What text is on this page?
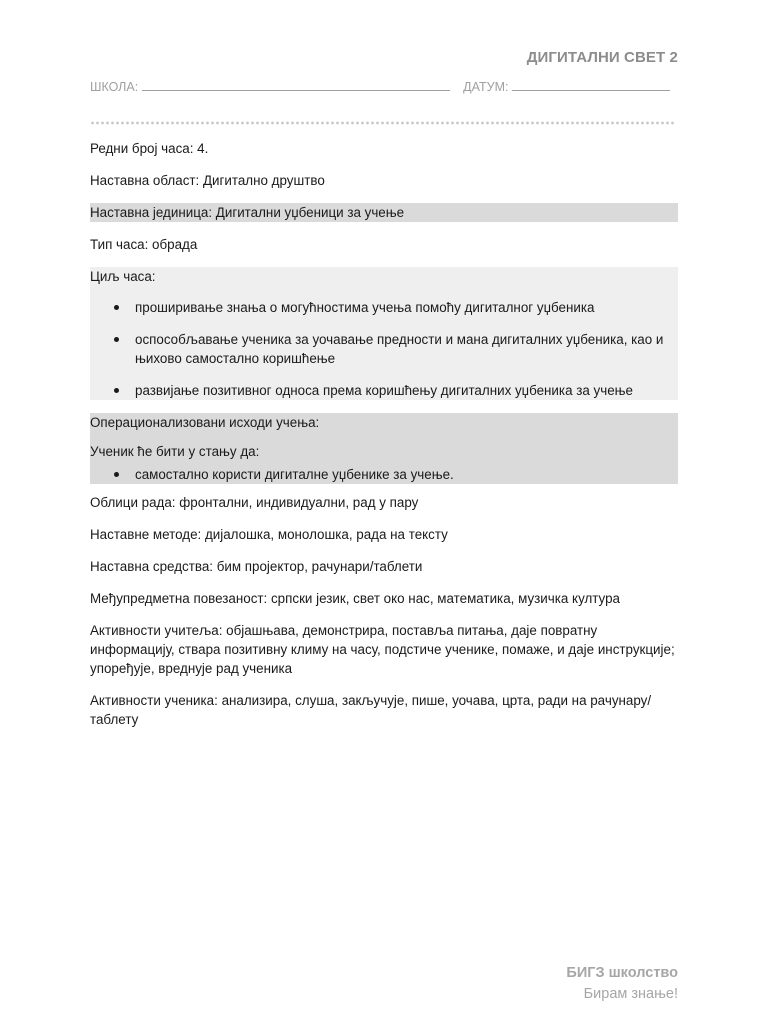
ДИГИТАЛНИ СВЕТ 2
ШКОЛА:	ДАТУМ:

Редни број часа: 4.

Наставна област: Дигитално друштво

Наставна јединица: Дигитални уџбеници за учење

Тип часа: обрада

Циљ часа:

проширивање знања о могућностима учења помоћу дигиталног уџбеника
оспособљавање ученика за уочавање предности и мана дигиталних уџбеника, као и њихово самостално коришћење
развијање позитивног односа према коришћењу дигиталних уџбеника за учење

Операционализовани исходи учења:

Ученик ће бити у стању да:

самостално користи дигиталне уџбенике за учење.

Облици рада: фронтални, индивидуални, рад у пару

Наставне методе: дијалошка, монолошка, рада на тексту

Наставна средства: бим пројектор, рачунари/таблети

Међупредметна повезаност: српски језик, свет око нас, математика, музичка култура

Активности учитеља: објашњава, демонстрира, поставља питања, даје повратну информацију, ствара позитивну климу на часу, подстиче ученике, помаже, и даје инструкције; упоређује, вреднује рад ученика

Активности ученика: анализира, слуша, закључује, пише, уочава, црта, ради на рачунару/таблету

БИГЗ школство
Бирам знање!
